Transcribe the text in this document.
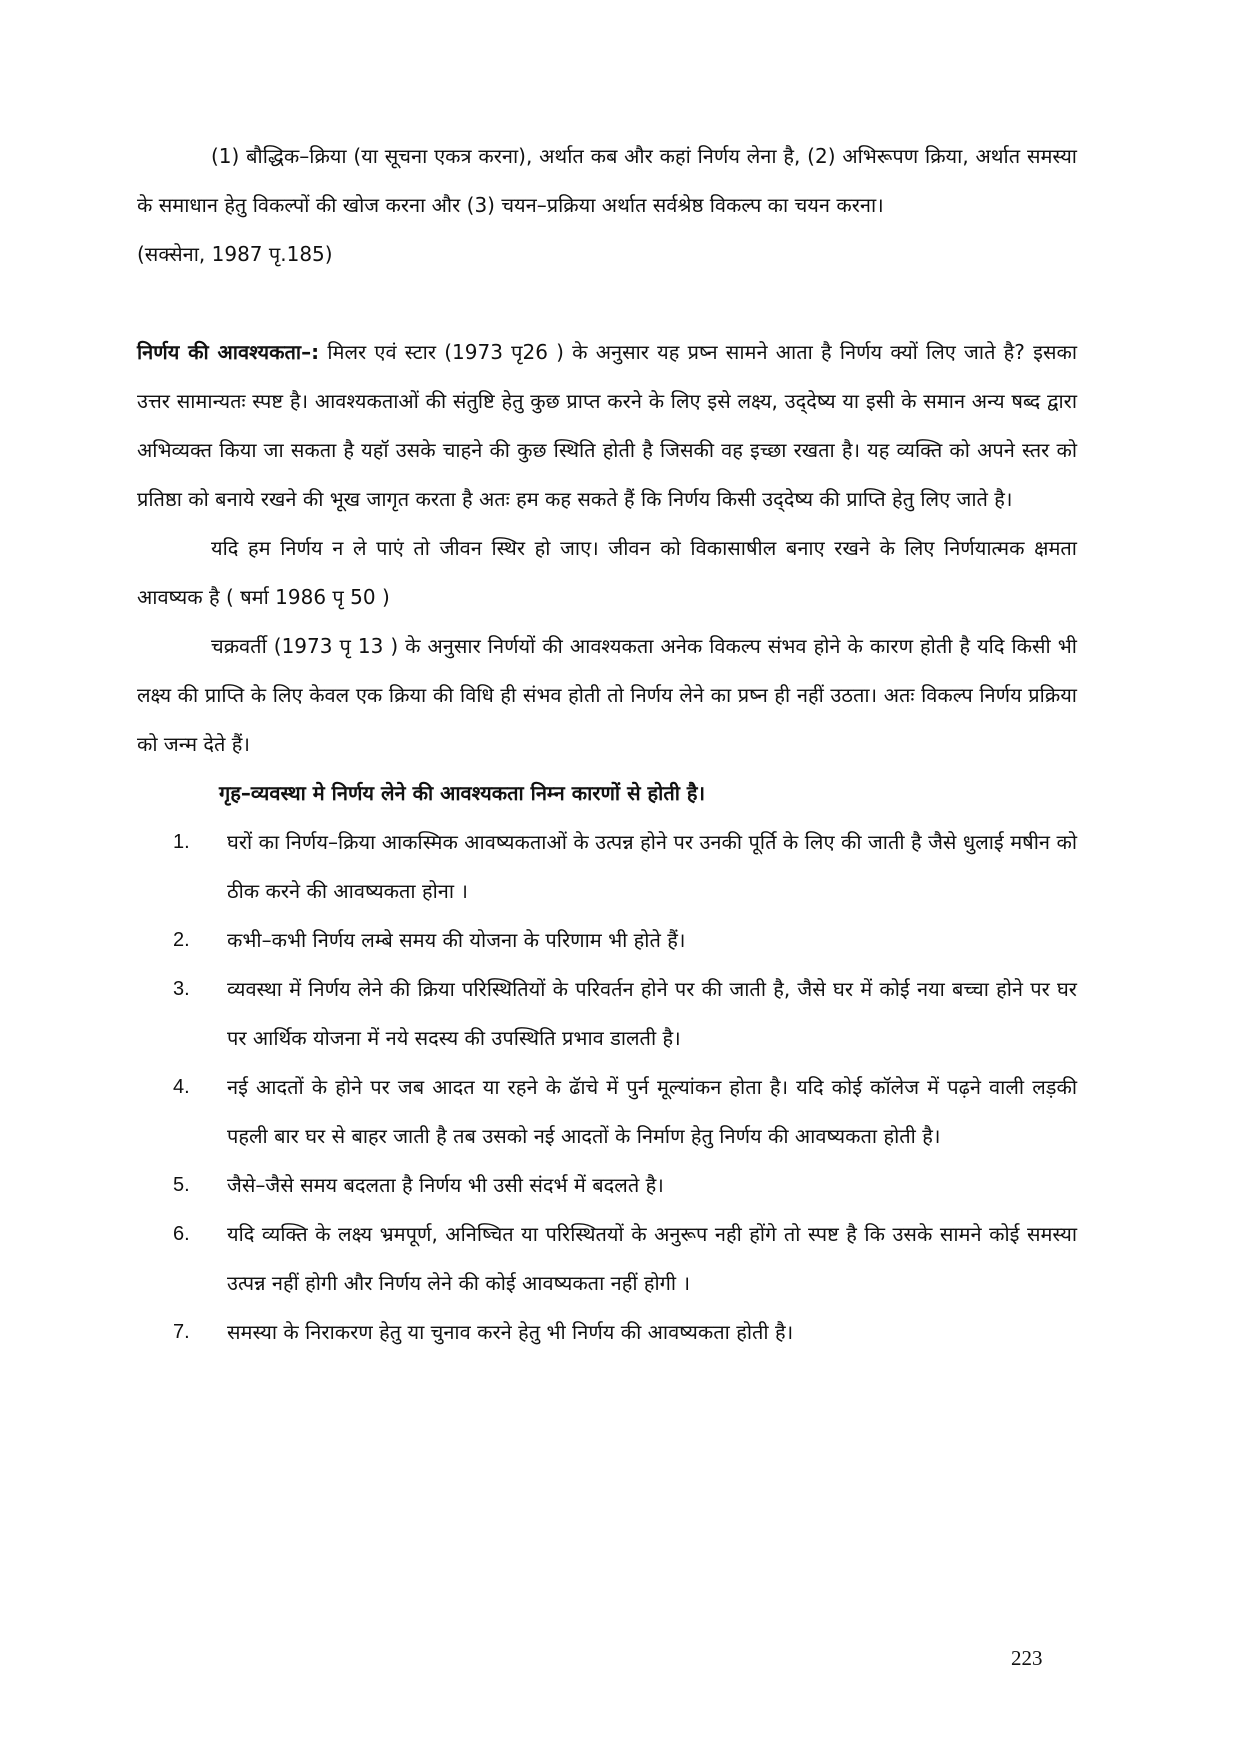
(1) बौद्धिक–क्रिया (या सूचना एकत्र करना), अर्थात कब और कहां निर्णय लेना है, (2) अभिरूपण क्रिया, अर्थात समस्या के समाधान हेतु विकल्पों की खोज करना और (3) चयन–प्रक्रिया अर्थात सर्वश्रेष्ठ विकल्प का चयन करना।

(सक्सेना, 1987 पृ.185)

निर्णय की आवश्यकता–: मिलर एवं स्टार (1973 पृ26 ) के अनुसार यह प्रष्न सामने आता है निर्णय क्यों लिए जाते है? इसका उत्तर सामान्यतः स्पष्ट है। आवश्यकताओं की संतुष्टि हेतु कुछ प्राप्त करने के लिए इसे लक्ष्य, उद्‌देष्य या इसी के समान अन्य षब्द द्वारा अभिव्यक्त किया जा सकता है यहॉ उसके चाहने की कुछ स्थिति होती है जिसकी वह इच्छा रखता है। यह व्यक्ति को अपने स्तर को प्रतिष्ठा को बनाये रखने की भूख जागृत करता है अतः हम कह सकते हैं कि निर्णय किसी उद्‌देष्य की प्राप्ति हेतु लिए जाते है।

यदि हम निर्णय न ले पाएं तो जीवन स्थिर हो जाए। जीवन को विकासाषील बनाए रखने के लिए निर्णयात्मक क्षमता आवष्यक है ( षर्मा 1986 पृ 50 )

चक्रवर्ती (1973 पृ 13 ) के अनुसार निर्णयों की आवश्यकता अनेक विकल्प संभव होने के कारण होती है यदि किसी भी लक्ष्य की प्राप्ति के लिए केवल एक क्रिया की विधि ही संभव होती तो निर्णय लेने का प्रष्न ही नहीं उठता। अतः विकल्प निर्णय प्रक्रिया को जन्म देते हैं।

गृह–व्यवस्था मे निर्णय लेने की आवश्यकता निम्न कारणों से होती है।

1. घरों का निर्णय–क्रिया आकस्मिक आवष्यकताओं के उत्पन्न होने पर उनकी पूर्ति के लिए की जाती है जैसे धुलाई मषीन को ठीक करने की आवष्यकता होना ।
2. कभी–कभी निर्णय लम्बे समय की योजना के परिणाम भी होते हैं।
3. व्यवस्था में निर्णय लेने की क्रिया परिस्थितियों के परिवर्तन होने पर की जाती है, जैसे घर में कोई नया बच्चा होने पर घर पर आर्थिक योजना में नये सदस्य की उपस्थिति प्रभाव डालती है।
4. नई आदतों के होने पर जब आदत या रहने के ढॅाचे में पुर्न मूल्यांकन होता है। यदि कोई कॉलेज में पढ़ने वाली लड़की पहली बार घर से बाहर जाती है तब उसको नई आदतों के निर्माण हेतु निर्णय की आवष्यकता होती है।
5. जैसे–जैसे समय बदलता है निर्णय भी उसी संदर्भ में बदलते है।
6. यदि व्यक्ति के लक्ष्य भ्रमपूर्ण, अनिष्चित या परिस्थितयों के अनुरूप नही होंगे तो स्पष्ट है कि उसके सामने कोई समस्या उत्पन्न नहीं होगी और निर्णय लेने की कोई आवष्यकता नहीं होगी ।
7. समस्या के निराकरण हेतु या चुनाव करने हेतु भी निर्णय की आवष्यकता होती है।
223
